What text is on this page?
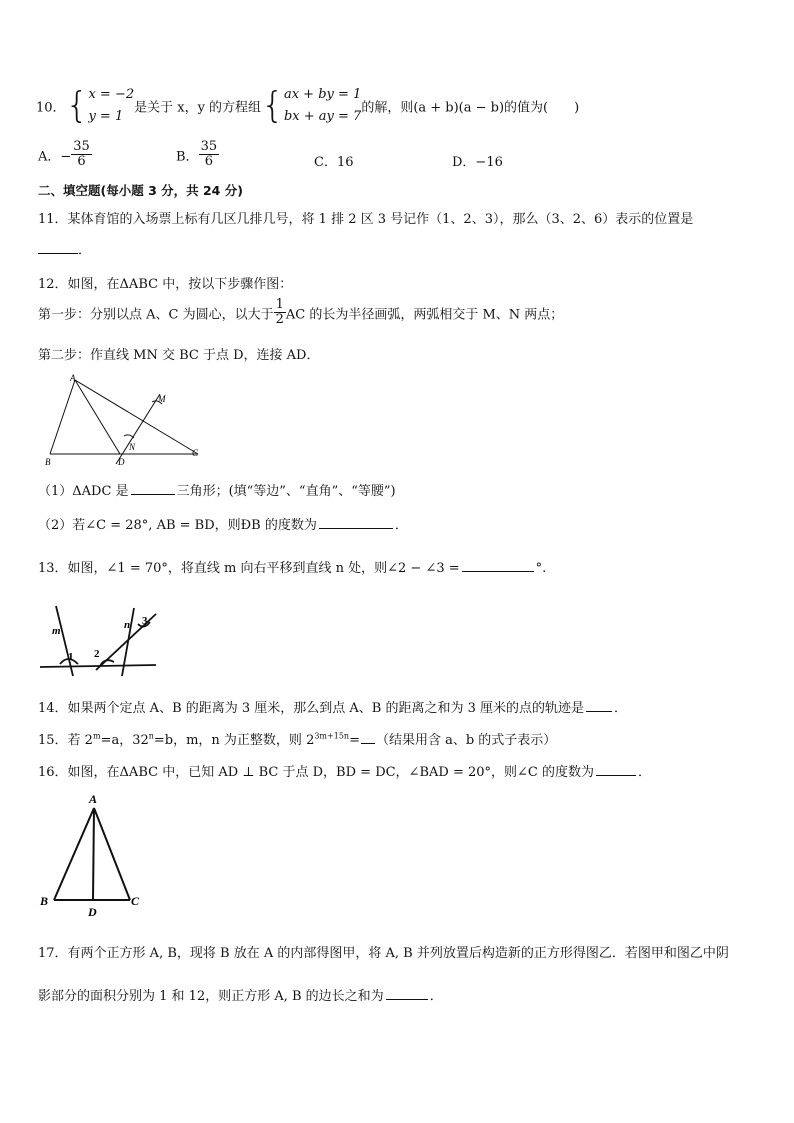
10．{ x = −2
y = 1
是关于 x，y 的方程组{ ax + by = 1
bx + ay = 7
的解，则(a + b)(a − b)的值为(　　)
A．− $\frac{35}{6}$	B． $\frac{35}{6}$	C．16	D．−16
二、填空题(每小题 3 分，共 24 分)
11．某体育馆的入场票上标有几区几排几号，将 1 排 2 区 3 号记作（1、2、3），那么（3、2、6）表示的位置是
．
12．如图，在ΔABC 中，按以下步骤作图：
第一步：分别以点 A、C 为圆心，以大于 $\frac{1}{2}$ AC 的长为半径画弧，两弧相交于 M、N 两点；
第二步：作直线 MN 交 BC 于点 D，连接 AD．
A
B
C
D
M
N
（1）ΔADC 是	三角形；(填“等边”、“直角”、“等腰”)
（2）若∠C = 28°, AB = BD，则ÐB 的度数为	．
13．如图，∠1 = 70°，将直线 m 向右平移到直线 n 处，则∠2 − ∠3 =	°.
m	n
1 2
3
14．如果两个定点 A、B 的距离为 3 厘米，那么到点 A、B 的距离之和为 3 厘米的点的轨迹是 ．
15．若 $2^m=a$，$32^n=b$，m，n 为正整数，则 $2^{3m+15n}=$ （结果用含 a、b 的式子表示）
16．如图，在ΔABC 中，已知 AD ⊥ BC 于点 D，BD = DC，∠BAD = 20°，则∠C 的度数为	．
A
B	C
D
17．有两个正方形 A, B，现将 B 放在 A 的内部得图甲，将 A, B 并列放置后构造新的正方形得图乙．若图甲和图乙中阴
影部分的面积分别为 1 和 12，则正方形 A, B 的边长之和为	．
